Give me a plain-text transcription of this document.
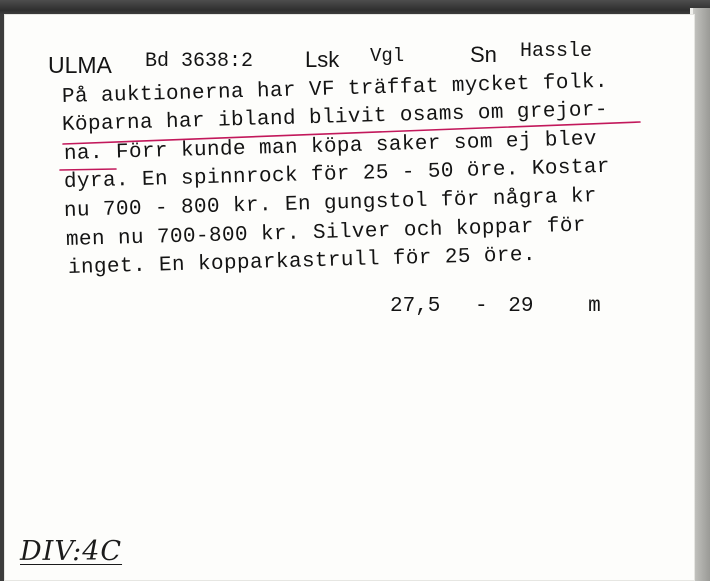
ULMA Bd 3638:2 Lsk Vgl	Sn Hassle
På auktionerna har VF träffat mycket folk.
Köparna har ibland blivit osams om grejor-
na. Förr kunde man köpa saker som ej blev
dyra. En spinnrock för 25 - 50 öre. Kostar
nu 700 - 800 kr. En gungstol för några kr
men nu 700-800 kr. Silver och koppar för
inget. En kopparkastrull för 25 öre.
27,5 - 29	m
DIV:4C
